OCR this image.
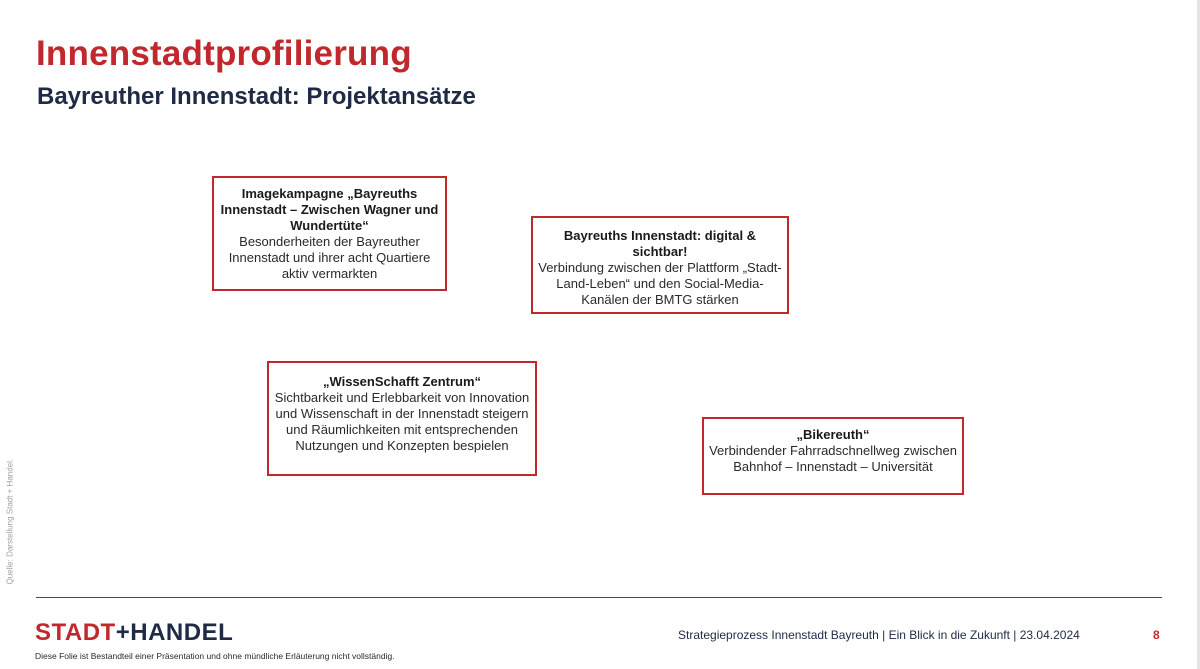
Innenstadtprofilierung
Bayreuther Innenstadt: Projektansätze
Imagekampagne „Bayreuths Innenstadt – Zwischen Wagner und Wundertüte“
Besonderheiten der Bayreuther Innenstadt und ihrer acht Quartiere aktiv vermarkten
Bayreuths Innenstadt: digital & sichtbar!
Verbindung zwischen der Plattform „Stadt-Land-Leben“ und den Social-Media-Kanälen der BMTG stärken
„WissenSchafft Zentrum“
Sichtbarkeit und Erlebbarkeit von Innovation und Wissenschaft in der Innenstadt steigern und Räumlichkeiten mit entsprechenden Nutzungen und Konzepten bespielen
„Bikereuth“
Verbindender Fahrradschnellweg zwischen Bahnhof – Innenstadt – Universität
Quelle: Darstellung Stadt + Handel.
STADT+HANDEL
Diese Folie ist Bestandteil einer Präsentation und ohne mündliche Erläuterung nicht vollständig.
Strategieprozess Innenstadt Bayreuth | Ein Blick in die Zukunft | 23.04.2024	8
